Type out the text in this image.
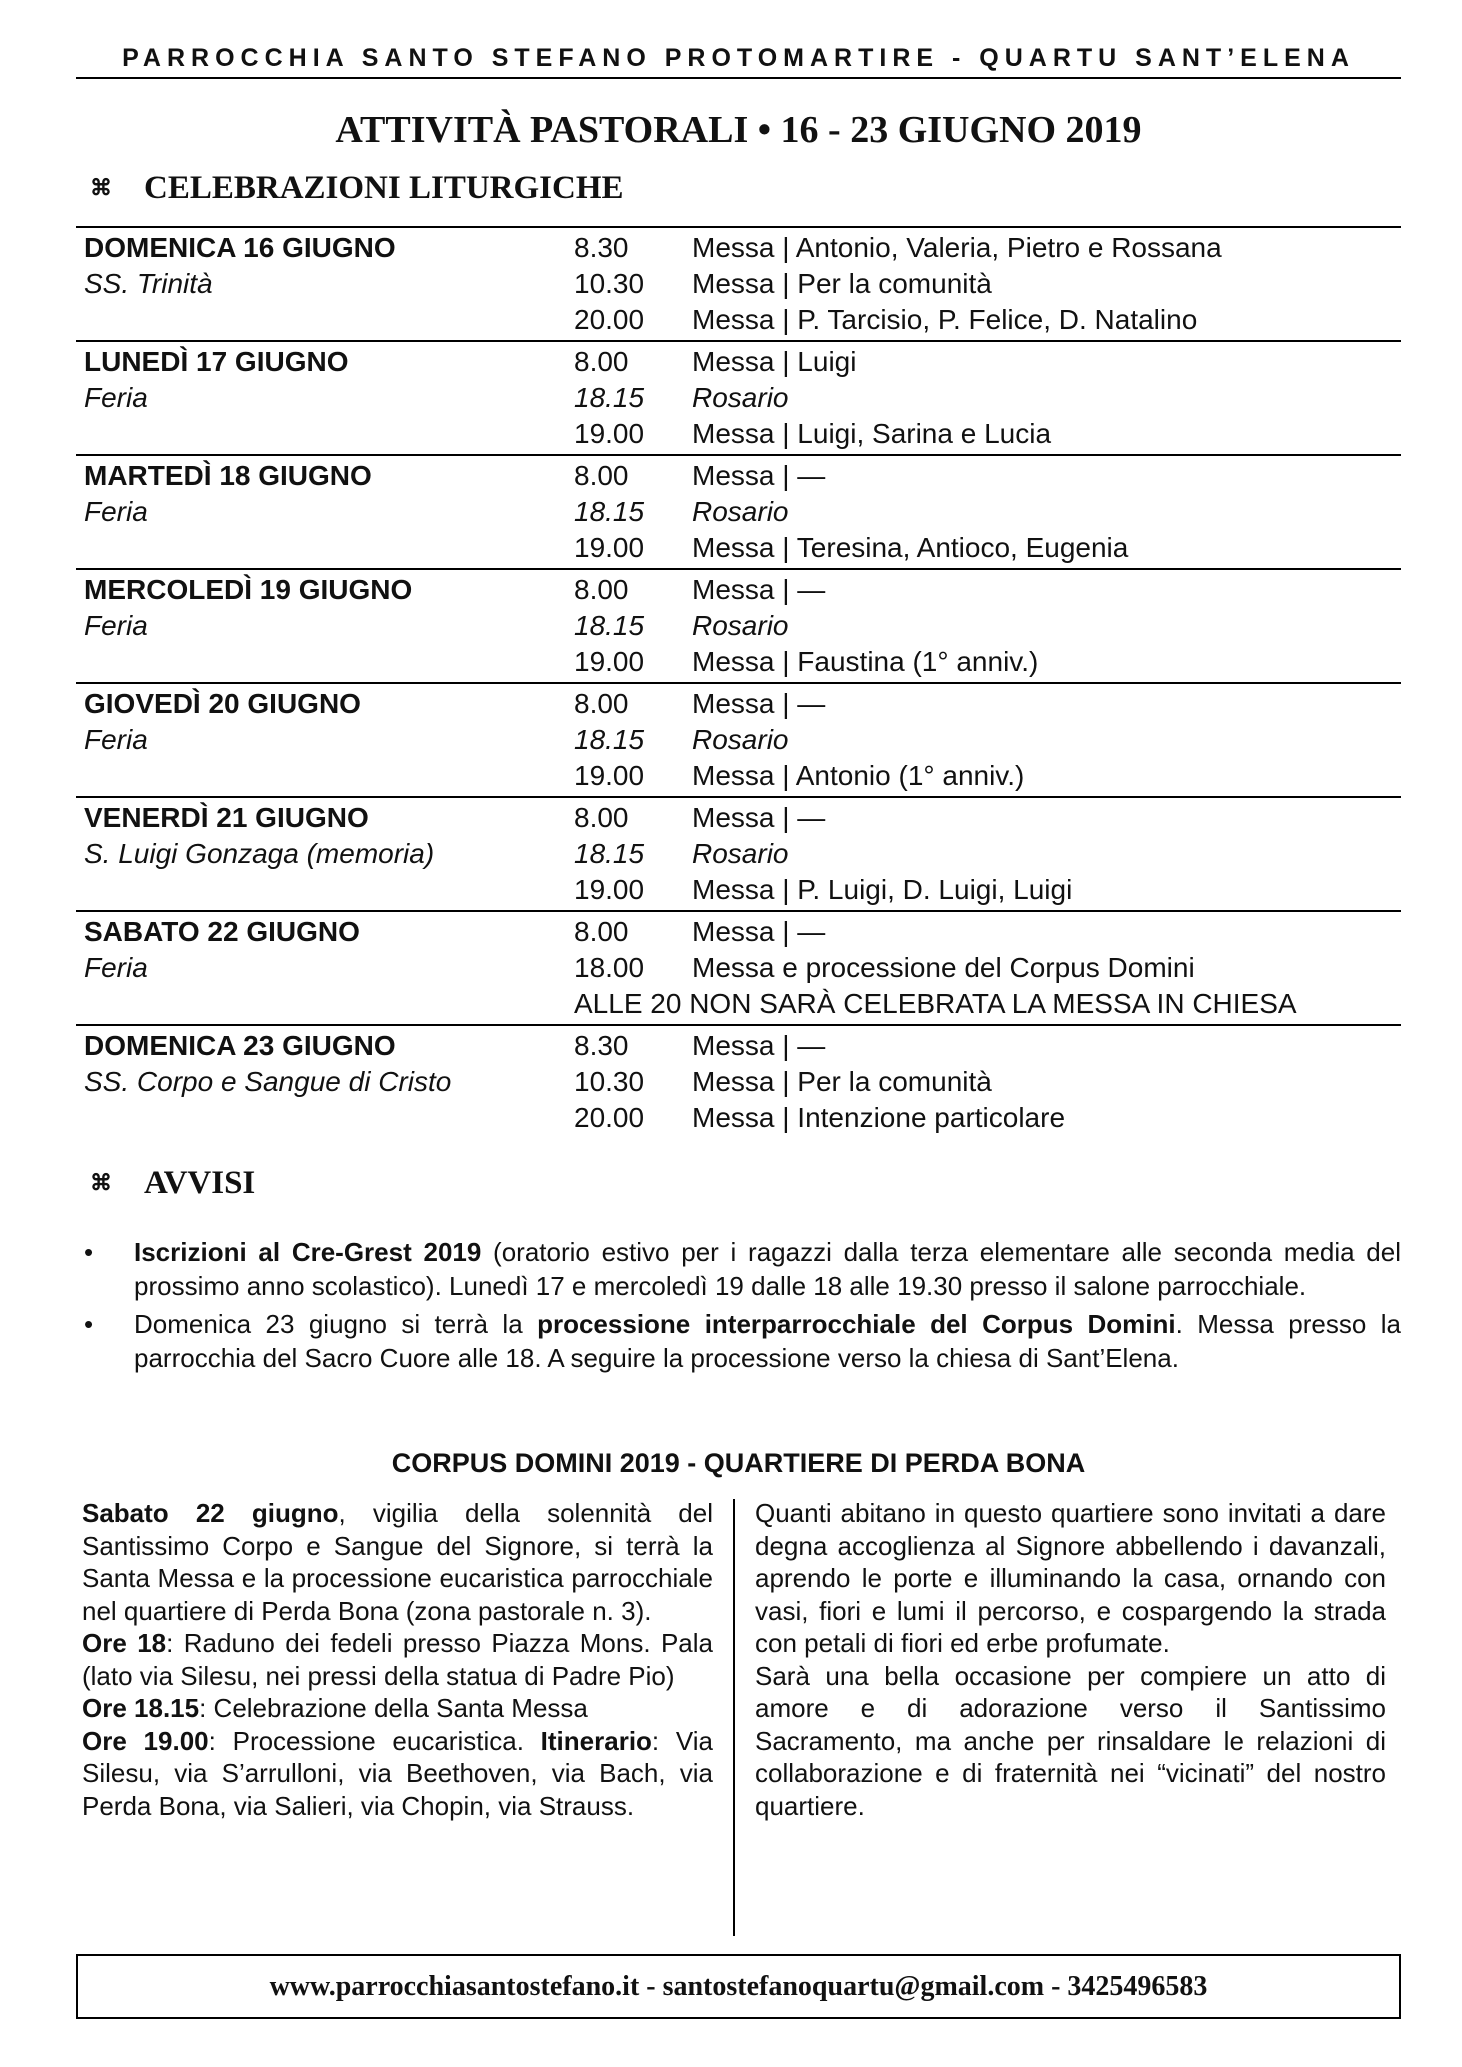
PARROCCHIA SANTO STEFANO PROTOMARTIRE - QUARTU SANT’ELENA
ATTIVITÀ PASTORALI • 16 - 23 GIUGNO 2019
⌘ CELEBRAZIONI LITURGICHE
DOMENICA 16 GIUGNO	8.30	Messa | Antonio, Valeria, Pietro e Rossana
SS. Trinità	10.30	Messa | Per la comunità
20.00	Messa | P. Tarcisio, P. Felice, D. Natalino
LUNEDÌ 17 GIUGNO	8.00	Messa | Luigi
Feria	18.15	Rosario
19.00	Messa | Luigi, Sarina e Lucia
MARTEDÌ 18 GIUGNO	8.00	Messa | —
Feria	18.15	Rosario
19.00	Messa | Teresina, Antioco, Eugenia
MERCOLEDÌ 19 GIUGNO	8.00	Messa | —
Feria	18.15	Rosario
19.00	Messa | Faustina (1° anniv.)
GIOVEDÌ 20 GIUGNO	8.00	Messa | —
Feria	18.15	Rosario
19.00	Messa | Antonio (1° anniv.)
VENERDÌ 21 GIUGNO	8.00	Messa | —
S. Luigi Gonzaga (memoria)	18.15	Rosario
19.00	Messa | P. Luigi, D. Luigi, Luigi
SABATO 22 GIUGNO	8.00	Messa | —
Feria	18.00	Messa e processione del Corpus Domini
ALLE 20 NON SARÀ CELEBRATA LA MESSA IN CHIESA
DOMENICA 23 GIUGNO	8.30	Messa | —
SS. Corpo e Sangue di Cristo	10.30	Messa | Per la comunità
20.00	Messa | Intenzione particolare
⌘ AVVISI
• Iscrizioni al Cre-Grest 2019 (oratorio estivo per i ragazzi dalla terza elementare alle seconda media del prossimo anno scolastico). Lunedì 17 e mercoledì 19 dalle 18 alle 19.30 presso il salone parrocchiale.
• Domenica 23 giugno si terrà la processione interparrocchiale del Corpus Domini. Messa presso la parrocchia del Sacro Cuore alle 18. A seguire la processione verso la chiesa di Sant’Elena.
CORPUS DOMINI 2019 - QUARTIERE DI PERDA BONA
Sabato 22 giugno, vigilia della solennità del Santissimo Corpo e Sangue del Signore, si terrà la Santa Messa e la processione eucaristica parrocchiale nel quartiere di Perda Bona (zona pastorale n. 3).
Ore 18: Raduno dei fedeli presso Piazza Mons. Pala (lato via Silesu, nei pressi della statua di Padre Pio)
Ore 18.15: Celebrazione della Santa Messa
Ore 19.00: Processione eucaristica. Itinerario: Via Silesu, via S’arrulloni, via Beethoven, via Bach, via Perda Bona, via Salieri, via Chopin, via Strauss.
Quanti abitano in questo quartiere sono invitati a dare degna accoglienza al Signore abbellendo i davanzali, aprendo le porte e illuminando la casa, ornando con vasi, fiori e lumi il percorso, e cospargendo la strada con petali di fiori ed erbe profumate.
Sarà una bella occasione per compiere un atto di amore e di adorazione verso il Santissimo Sacramento, ma anche per rinsaldare le relazioni di collaborazione e di fraternità nei “vicinati” del nostro quartiere.
www.parrocchiasantostefano.it - santostefanoquartu@gmail.com - 3425496583
